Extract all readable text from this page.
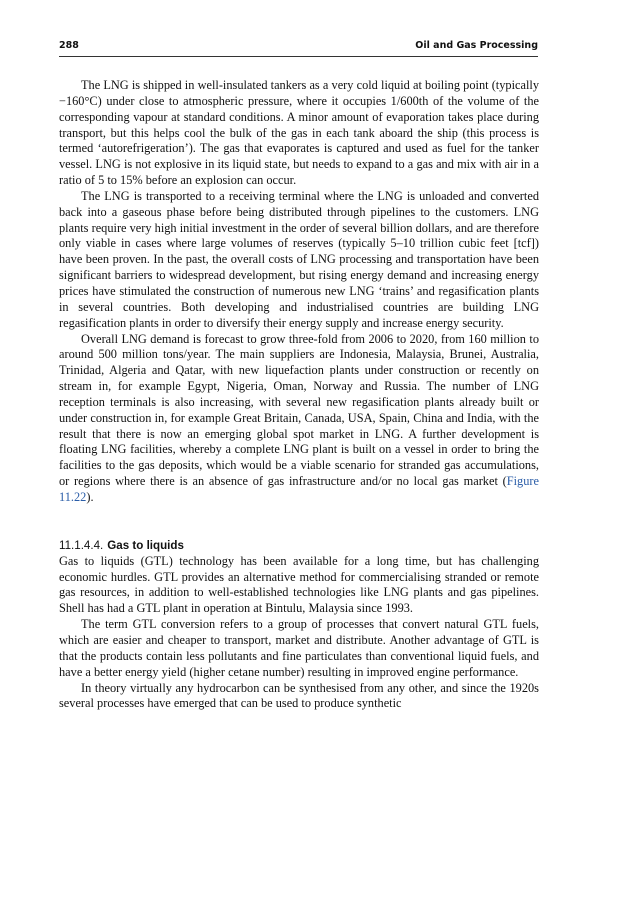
288	Oil and Gas Processing

The LNG is shipped in well-insulated tankers as a very cold liquid at boiling point (typically −160°C) under close to atmospheric pressure, where it occupies 1/600th of the volume of the corresponding vapour at standard conditions. A minor amount of evaporation takes place during transport, but this helps cool the bulk of the gas in each tank aboard the ship (this process is termed ‘autorefrigeration’). The gas that evaporates is captured and used as fuel for the tanker vessel. LNG is not explosive in its liquid state, but needs to expand to a gas and mix with air in a ratio of 5 to 15% before an explosion can occur.

The LNG is transported to a receiving terminal where the LNG is unloaded and converted back into a gaseous phase before being distributed through pipelines to the customers. LNG plants require very high initial investment in the order of several billion dollars, and are therefore only viable in cases where large volumes of reserves (typically 5–10 trillion cubic feet [tcf]) have been proven. In the past, the overall costs of LNG processing and transportation have been significant barriers to widespread development, but rising energy demand and increasing energy prices have stimulated the construction of numerous new LNG ‘trains’ and regasification plants in several countries. Both developing and industrialised countries are building LNG regasification plants in order to diversify their energy supply and increase energy security.

Overall LNG demand is forecast to grow three-fold from 2006 to 2020, from 160 million to around 500 million tons/year. The main suppliers are Indonesia, Malaysia, Brunei, Australia, Trinidad, Algeria and Qatar, with new liquefaction plants under construction or recently on stream in, for example Egypt, Nigeria, Oman, Norway and Russia. The number of LNG reception terminals is also increasing, with several new regasification plants already built or under construction in, for example Great Britain, Canada, USA, Spain, China and India, with the result that there is now an emerging global spot market in LNG. A further development is floating LNG facilities, whereby a complete LNG plant is built on a vessel in order to bring the facilities to the gas deposits, which would be a viable scenario for stranded gas accumulations, or regions where there is an absence of gas infrastructure and/or no local gas market (Figure 11.22).

11.1.4.4. Gas to liquids

Gas to liquids (GTL) technology has been available for a long time, but has challenging economic hurdles. GTL provides an alternative method for commercialising stranded or remote gas resources, in addition to well-established technologies like LNG plants and gas pipelines. Shell has had a GTL plant in operation at Bintulu, Malaysia since 1993.

The term GTL conversion refers to a group of processes that convert natural GTL fuels, which are easier and cheaper to transport, market and distribute. Another advantage of GTL is that the products contain less pollutants and fine particulates than conventional liquid fuels, and have a better energy yield (higher cetane number) resulting in improved engine performance.

In theory virtually any hydrocarbon can be synthesised from any other, and since the 1920s several processes have emerged that can be used to produce synthetic
